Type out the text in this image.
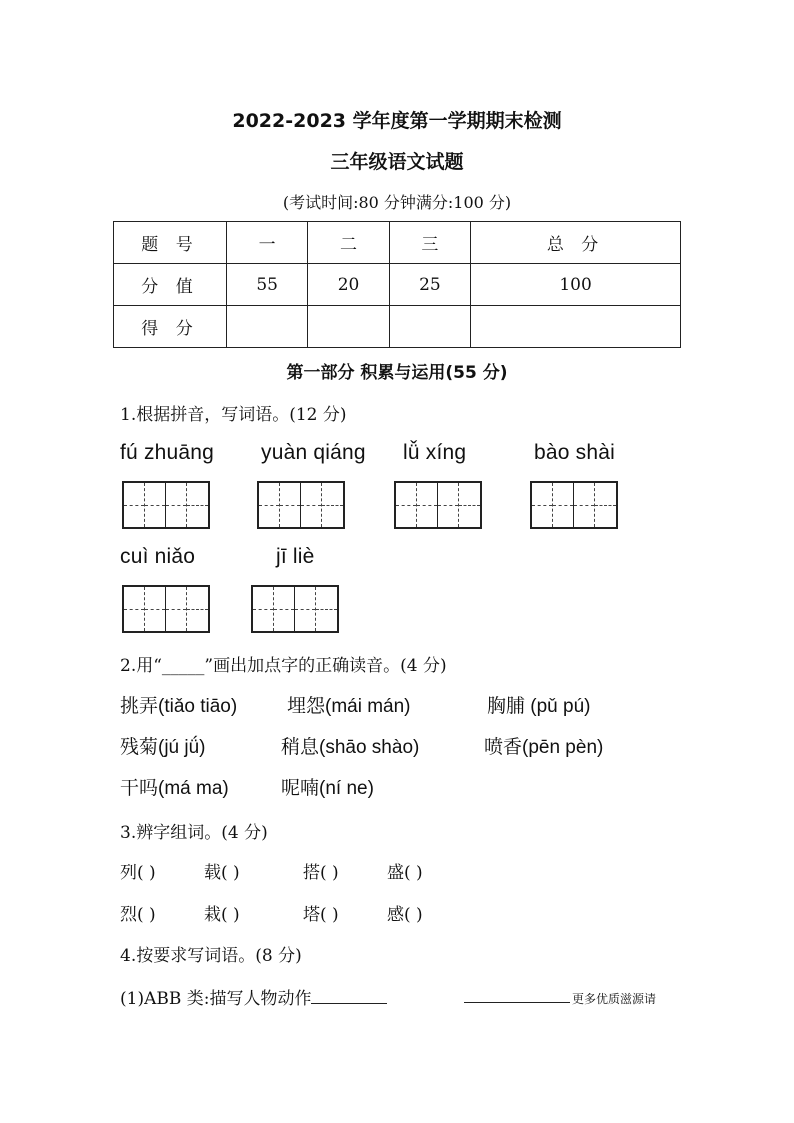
2022-2023 学年度第一学期期末检测
三年级语文试题
(考试时间:80 分钟满分:100 分)
题 号	一	二	三	总 分
分 值	55	20	25	100
得 分				
第一部分 积累与运用(55 分)
1.根据拼音，写词语。(12 分)
fú zhuāng yuàn qiáng lǚ xíng	bào shài
cuì niǎo	jī liè
2.用“_____”画出加点字的正确读音。(4 分)
挑弄(tiǎo tiāo)	埋怨(mái mán)	胸脯 (pǔ pú)
残菊(jú jǘ)	稍息(shāo shào)	喷香(pēn pèn)
干吗(má ma)	呢喃(ní ne)
3.辨字组词。(4 分)
列( )	载( )	搭( )	盛( )
烈( )	栽( )	塔( )	感( )
4.按要求写词语。(8 分)
(1)ABB 类:描写人物动作	更多优质滋源请
